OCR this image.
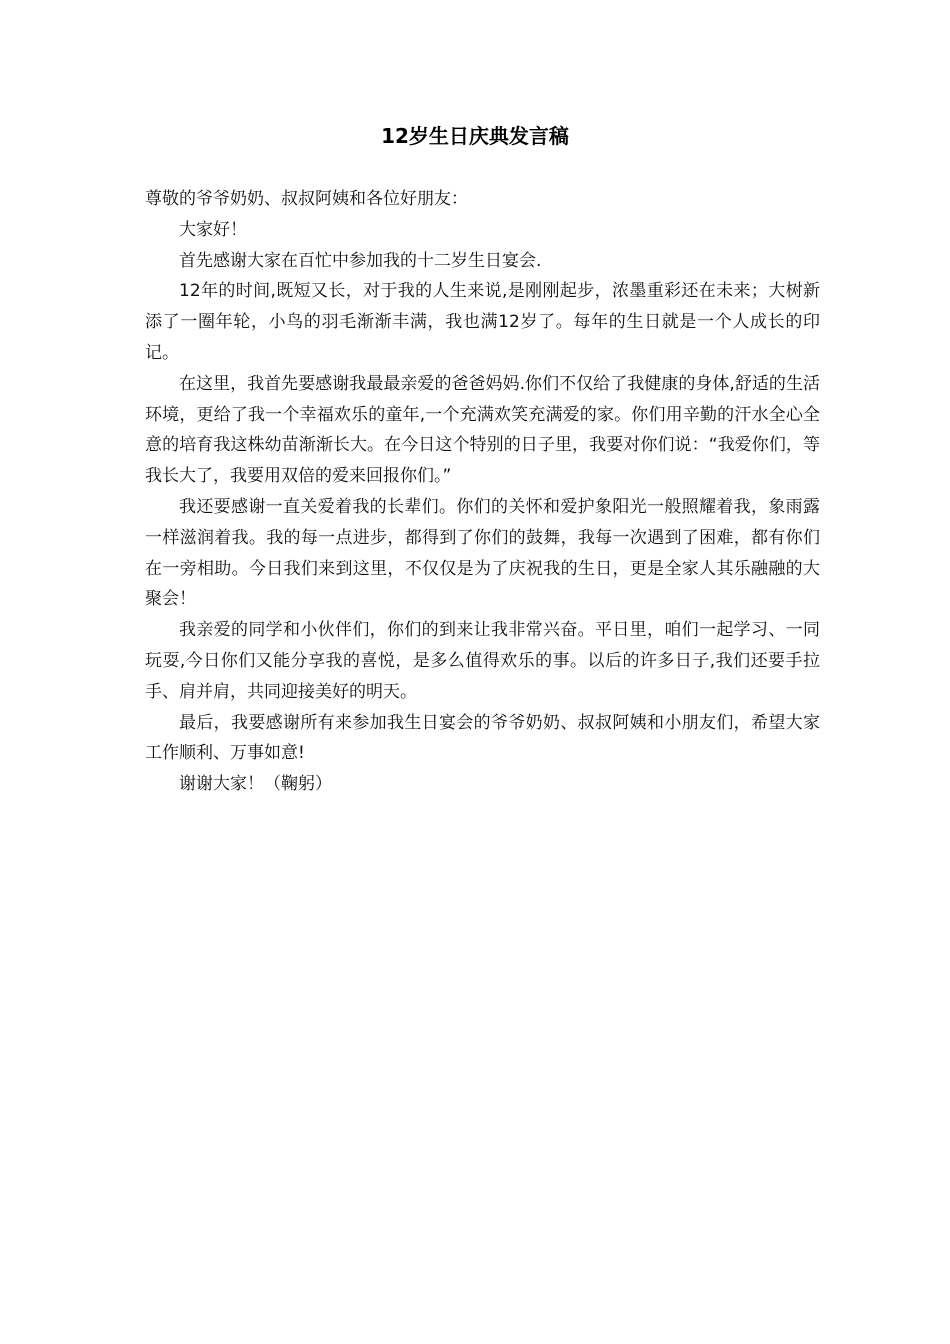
12岁生日庆典发言稿

尊敬的爷爷奶奶、叔叔阿姨和各位好朋友：

大家好！

首先感谢大家在百忙中参加我的十二岁生日宴会.

12年的时间,既短又长，对于我的人生来说,是刚刚起步，浓墨重彩还在未来；大树新添了一圈年轮，小鸟的羽毛渐渐丰满，我也满12岁了。每年的生日就是一个人成长的印记。

在这里，我首先要感谢我最最亲爱的爸爸妈妈.你们不仅给了我健康的身体,舒适的生活环境，更给了我一个幸福欢乐的童年,一个充满欢笑充满爱的家。你们用辛勤的汗水全心全意的培育我这株幼苗渐渐长大。在今日这个特别的日子里，我要对你们说：“我爱你们，等我长大了，我要用双倍的爱来回报你们。”

我还要感谢一直关爱着我的长辈们。你们的关怀和爱护象阳光一般照耀着我，象雨露一样滋润着我。我的每一点进步，都得到了你们的鼓舞，我每一次遇到了困难，都有你们在一旁相助。今日我们来到这里，不仅仅是为了庆祝我的生日，更是全家人其乐融融的大聚会！

我亲爱的同学和小伙伴们，你们的到来让我非常兴奋。平日里，咱们一起学习、一同玩耍,今日你们又能分享我的喜悦，是多么值得欢乐的事。以后的许多日子,我们还要手拉手、肩并肩，共同迎接美好的明天。

最后，我要感谢所有来参加我生日宴会的爷爷奶奶、叔叔阿姨和小朋友们，希望大家工作顺利、万事如意!

谢谢大家！（鞠躬）
